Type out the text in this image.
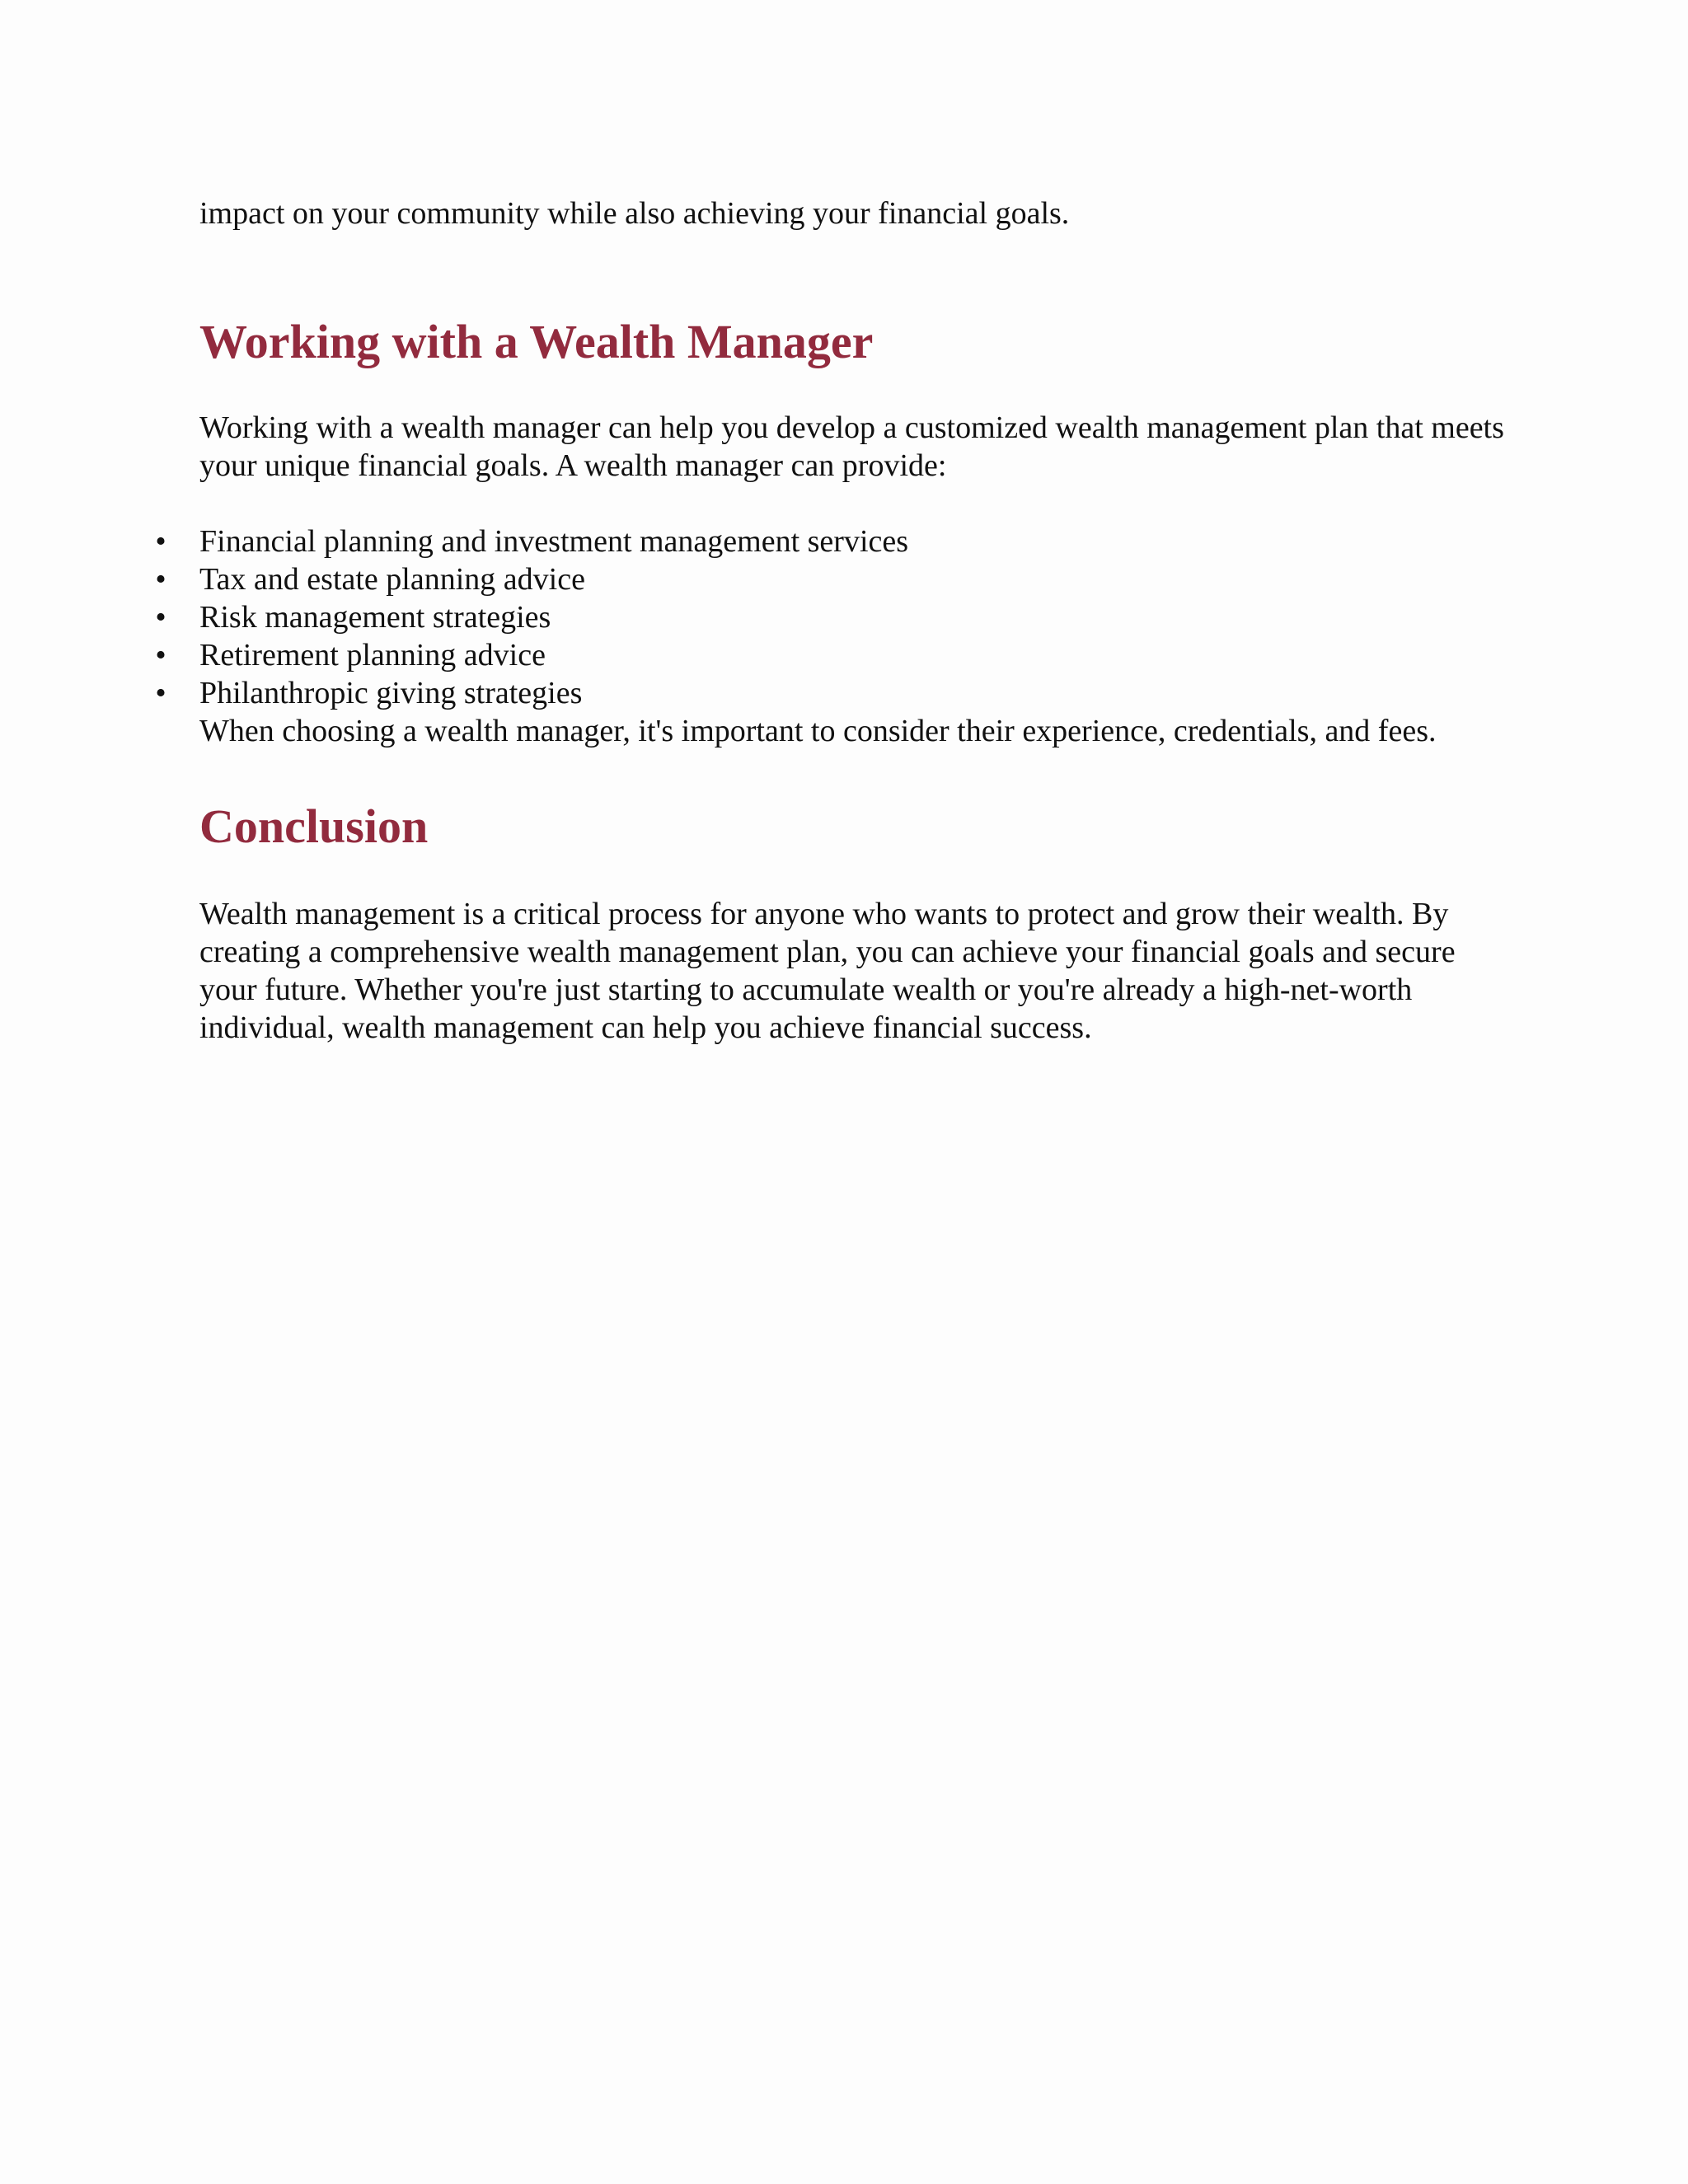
impact on your community while also achieving your financial goals.

Working with a Wealth Manager

Working with a wealth manager can help you develop a customized wealth management plan that meets your unique financial goals. A wealth manager can provide:

• Financial planning and investment management services
• Tax and estate planning advice
• Risk management strategies
• Retirement planning advice
• Philanthropic giving strategies

When choosing a wealth manager, it's important to consider their experience, credentials, and fees.

Conclusion

Wealth management is a critical process for anyone who wants to protect and grow their wealth. By creating a comprehensive wealth management plan, you can achieve your financial goals and secure your future. Whether you're just starting to accumulate wealth or you're already a high-net-worth individual, wealth management can help you achieve financial success.
